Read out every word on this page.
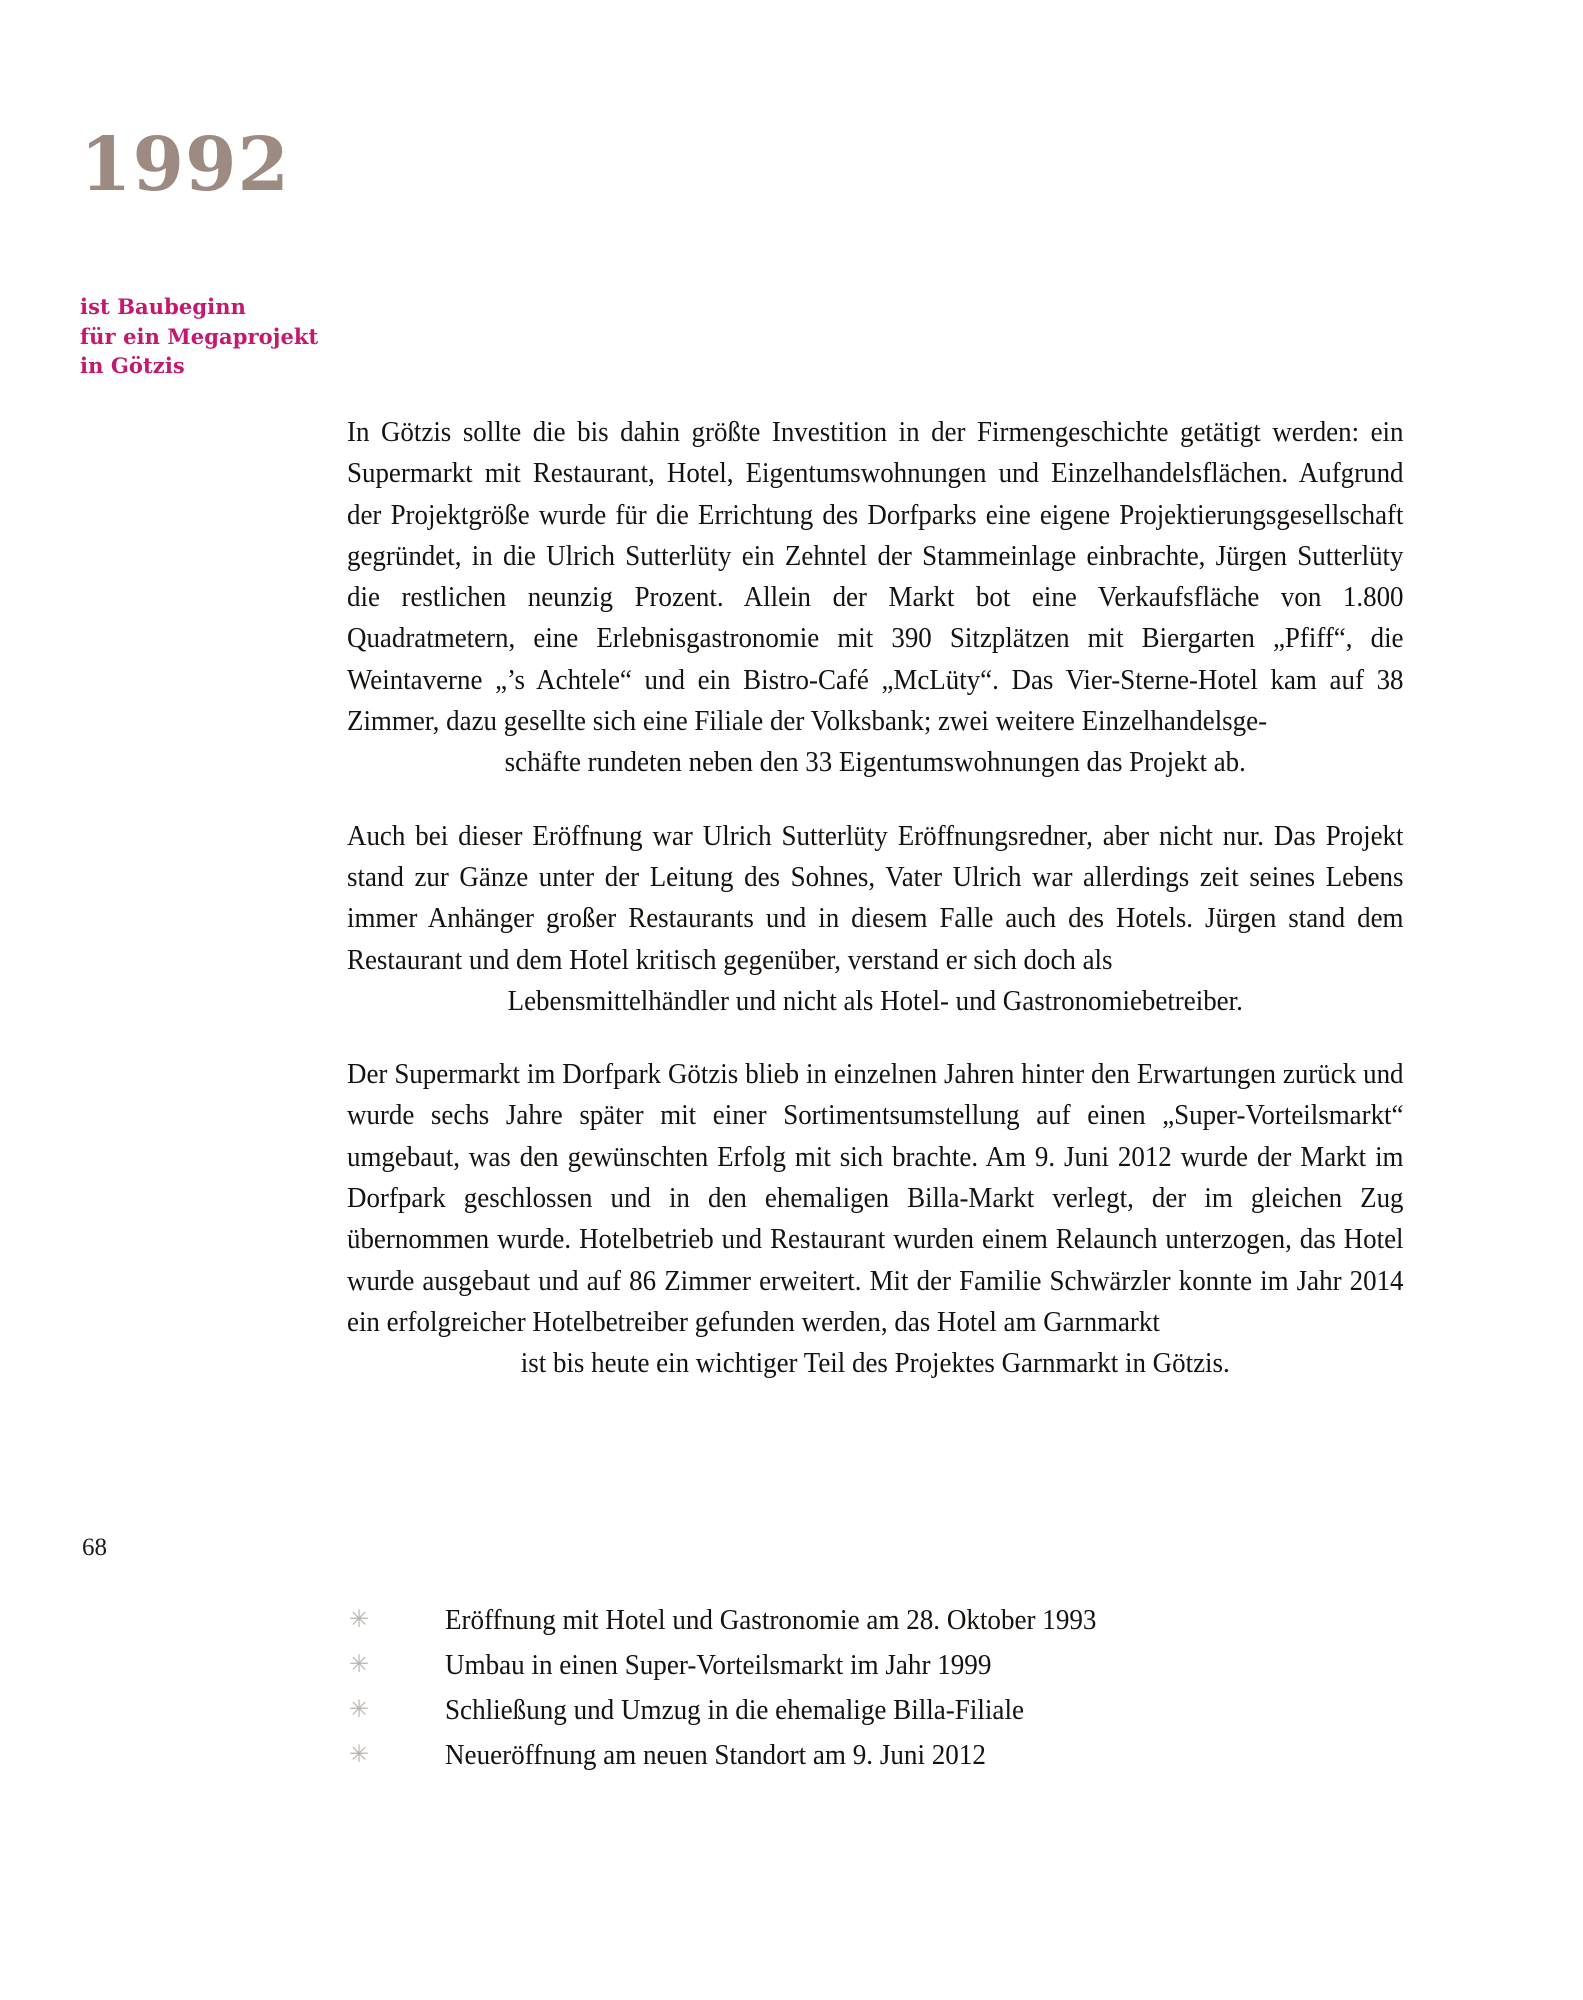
1992
ist Baubeginn
für ein Megaprojekt
in Götzis
68

In Götzis sollte die bis dahin größte Investition in der Firmengeschichte getätigt werden: ein Supermarkt mit Restaurant, Hotel, Eigentumswohnungen und Einzelhandelsflächen. Aufgrund der Projektgröße wurde für die Errichtung des Dorfparks eine eigene Projektierungsgesellschaft gegründet, in die Ulrich Sutterlüty ein Zehntel der Stammeinlage einbrachte, Jürgen Sutterlüty die restlichen neunzig Prozent. Allein der Markt bot eine Verkaufsfläche von 1.800 Quadratmetern, eine Erlebnisgastronomie mit 390 Sitzplätzen mit Biergarten „Pfiff“, die Weintaverne „’s Achtele“ und ein Bistro-Café „McLüty“. Das Vier-Sterne-Hotel kam auf 38 Zimmer, dazu gesellte sich eine Filiale der Volksbank; zwei weitere Einzelhandelsge-
schäfte rundeten neben den 33 Eigentumswohnungen das Projekt ab.

Auch bei dieser Eröffnung war Ulrich Sutterlüty Eröffnungsredner, aber nicht nur. Das Projekt stand zur Gänze unter der Leitung des Sohnes, Vater Ulrich war allerdings zeit seines Lebens immer Anhänger großer Restaurants und in diesem Falle auch des Hotels. Jürgen stand dem Restaurant und dem Hotel kritisch gegenüber, verstand er sich doch als
Lebensmittelhändler und nicht als Hotel- und Gastronomiebetreiber.

Der Supermarkt im Dorfpark Götzis blieb in einzelnen Jahren hinter den Erwartungen zurück und wurde sechs Jahre später mit einer Sortimentsumstellung auf einen „Super-Vorteilsmarkt“ umgebaut, was den gewünschten Erfolg mit sich brachte. Am 9. Juni 2012 wurde der Markt im Dorfpark geschlossen und in den ehemaligen Billa-Markt verlegt, der im gleichen Zug übernommen wurde. Hotelbetrieb und Restaurant wurden einem Relaunch unterzogen, das Hotel wurde ausgebaut und auf 86 Zimmer erweitert. Mit der Familie Schwärzler konnte im Jahr 2014 ein erfolgreicher Hotelbetreiber gefunden werden, das Hotel am Garnmarkt
ist bis heute ein wichtiger Teil des Projektes Garnmarkt in Götzis.

✳	Eröffnung mit Hotel und Gastronomie am 28. Oktober 1993
✳	Umbau in einen Super-Vorteilsmarkt im Jahr 1999
✳	Schließung und Umzug in die ehemalige Billa-Filiale
✳	Neueröffnung am neuen Standort am 9. Juni 2012
